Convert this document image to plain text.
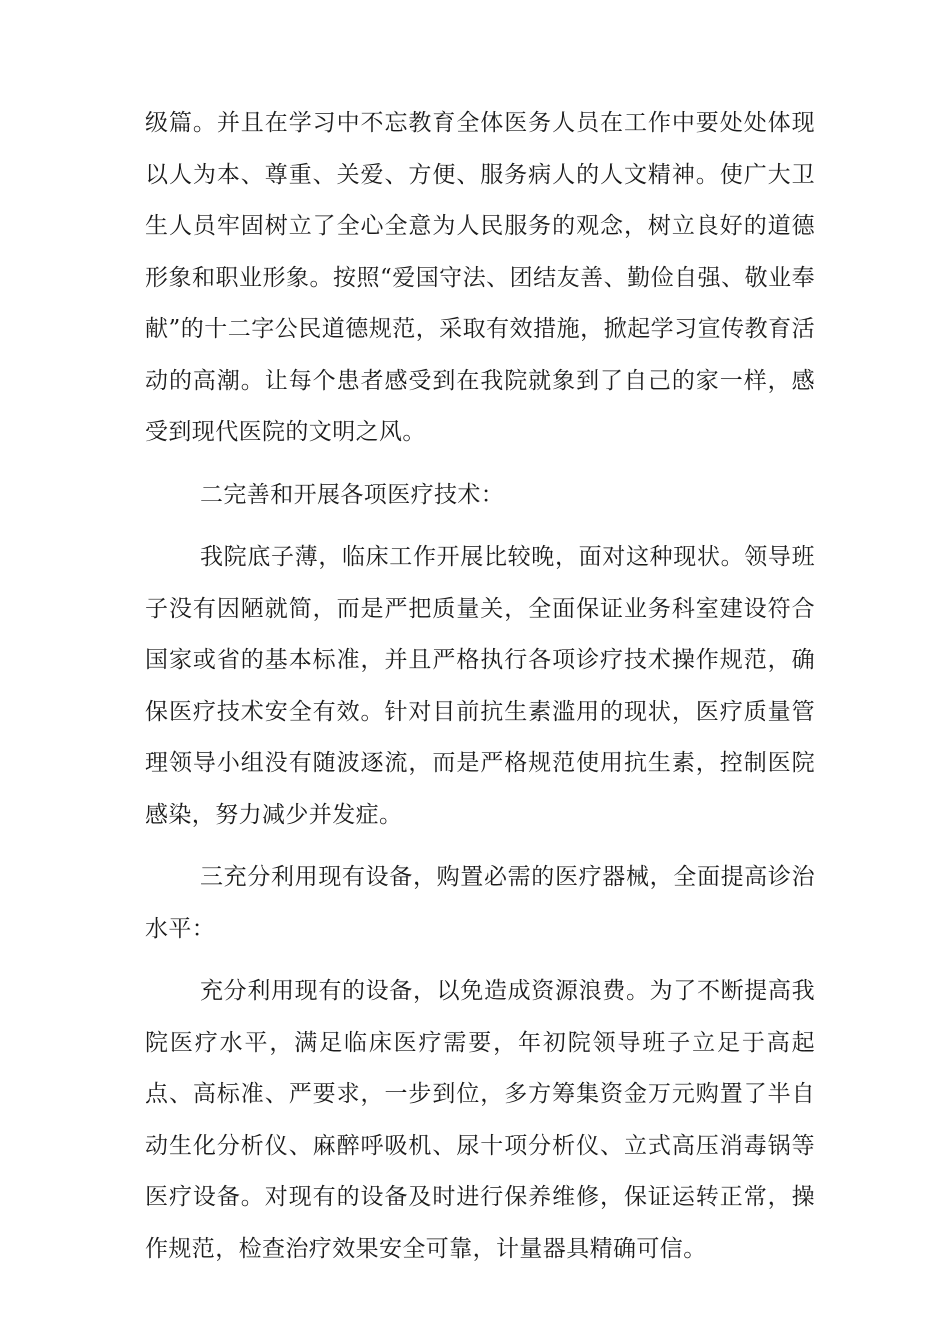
级篇。并且在学习中不忘教育全体医务人员在工作中要处处体现以人为本、尊重、关爱、方便、服务病人的人文精神。使广大卫生人员牢固树立了全心全意为人民服务的观念，树立良好的道德形象和职业形象。按照“爱国守法、团结友善、勤俭自强、敬业奉献”的十二字公民道德规范，采取有效措施，掀起学习宣传教育活动的高潮。让每个患者感受到在我院就象到了自己的家一样，感受到现代医院的文明之风。

二完善和开展各项医疗技术：

我院底子薄，临床工作开展比较晚，面对这种现状。领导班子没有因陋就简，而是严把质量关，全面保证业务科室建设符合国家或省的基本标准，并且严格执行各项诊疗技术操作规范，确保医疗技术安全有效。针对目前抗生素滥用的现状，医疗质量管理领导小组没有随波逐流，而是严格规范使用抗生素，控制医院感染，努力减少并发症。

三充分利用现有设备，购置必需的医疗器械，全面提高诊治水平：

充分利用现有的设备，以免造成资源浪费。为了不断提高我院医疗水平，满足临床医疗需要，年初院领导班子立足于高起点、高标准、严要求，一步到位，多方筹集资金万元购置了半自动生化分析仪、麻醉呼吸机、尿十项分析仪、立式高压消毒锅等医疗设备。对现有的设备及时进行保养维修，保证运转正常，操作规范，检查治疗效果安全可靠，计量器具精确可信。
